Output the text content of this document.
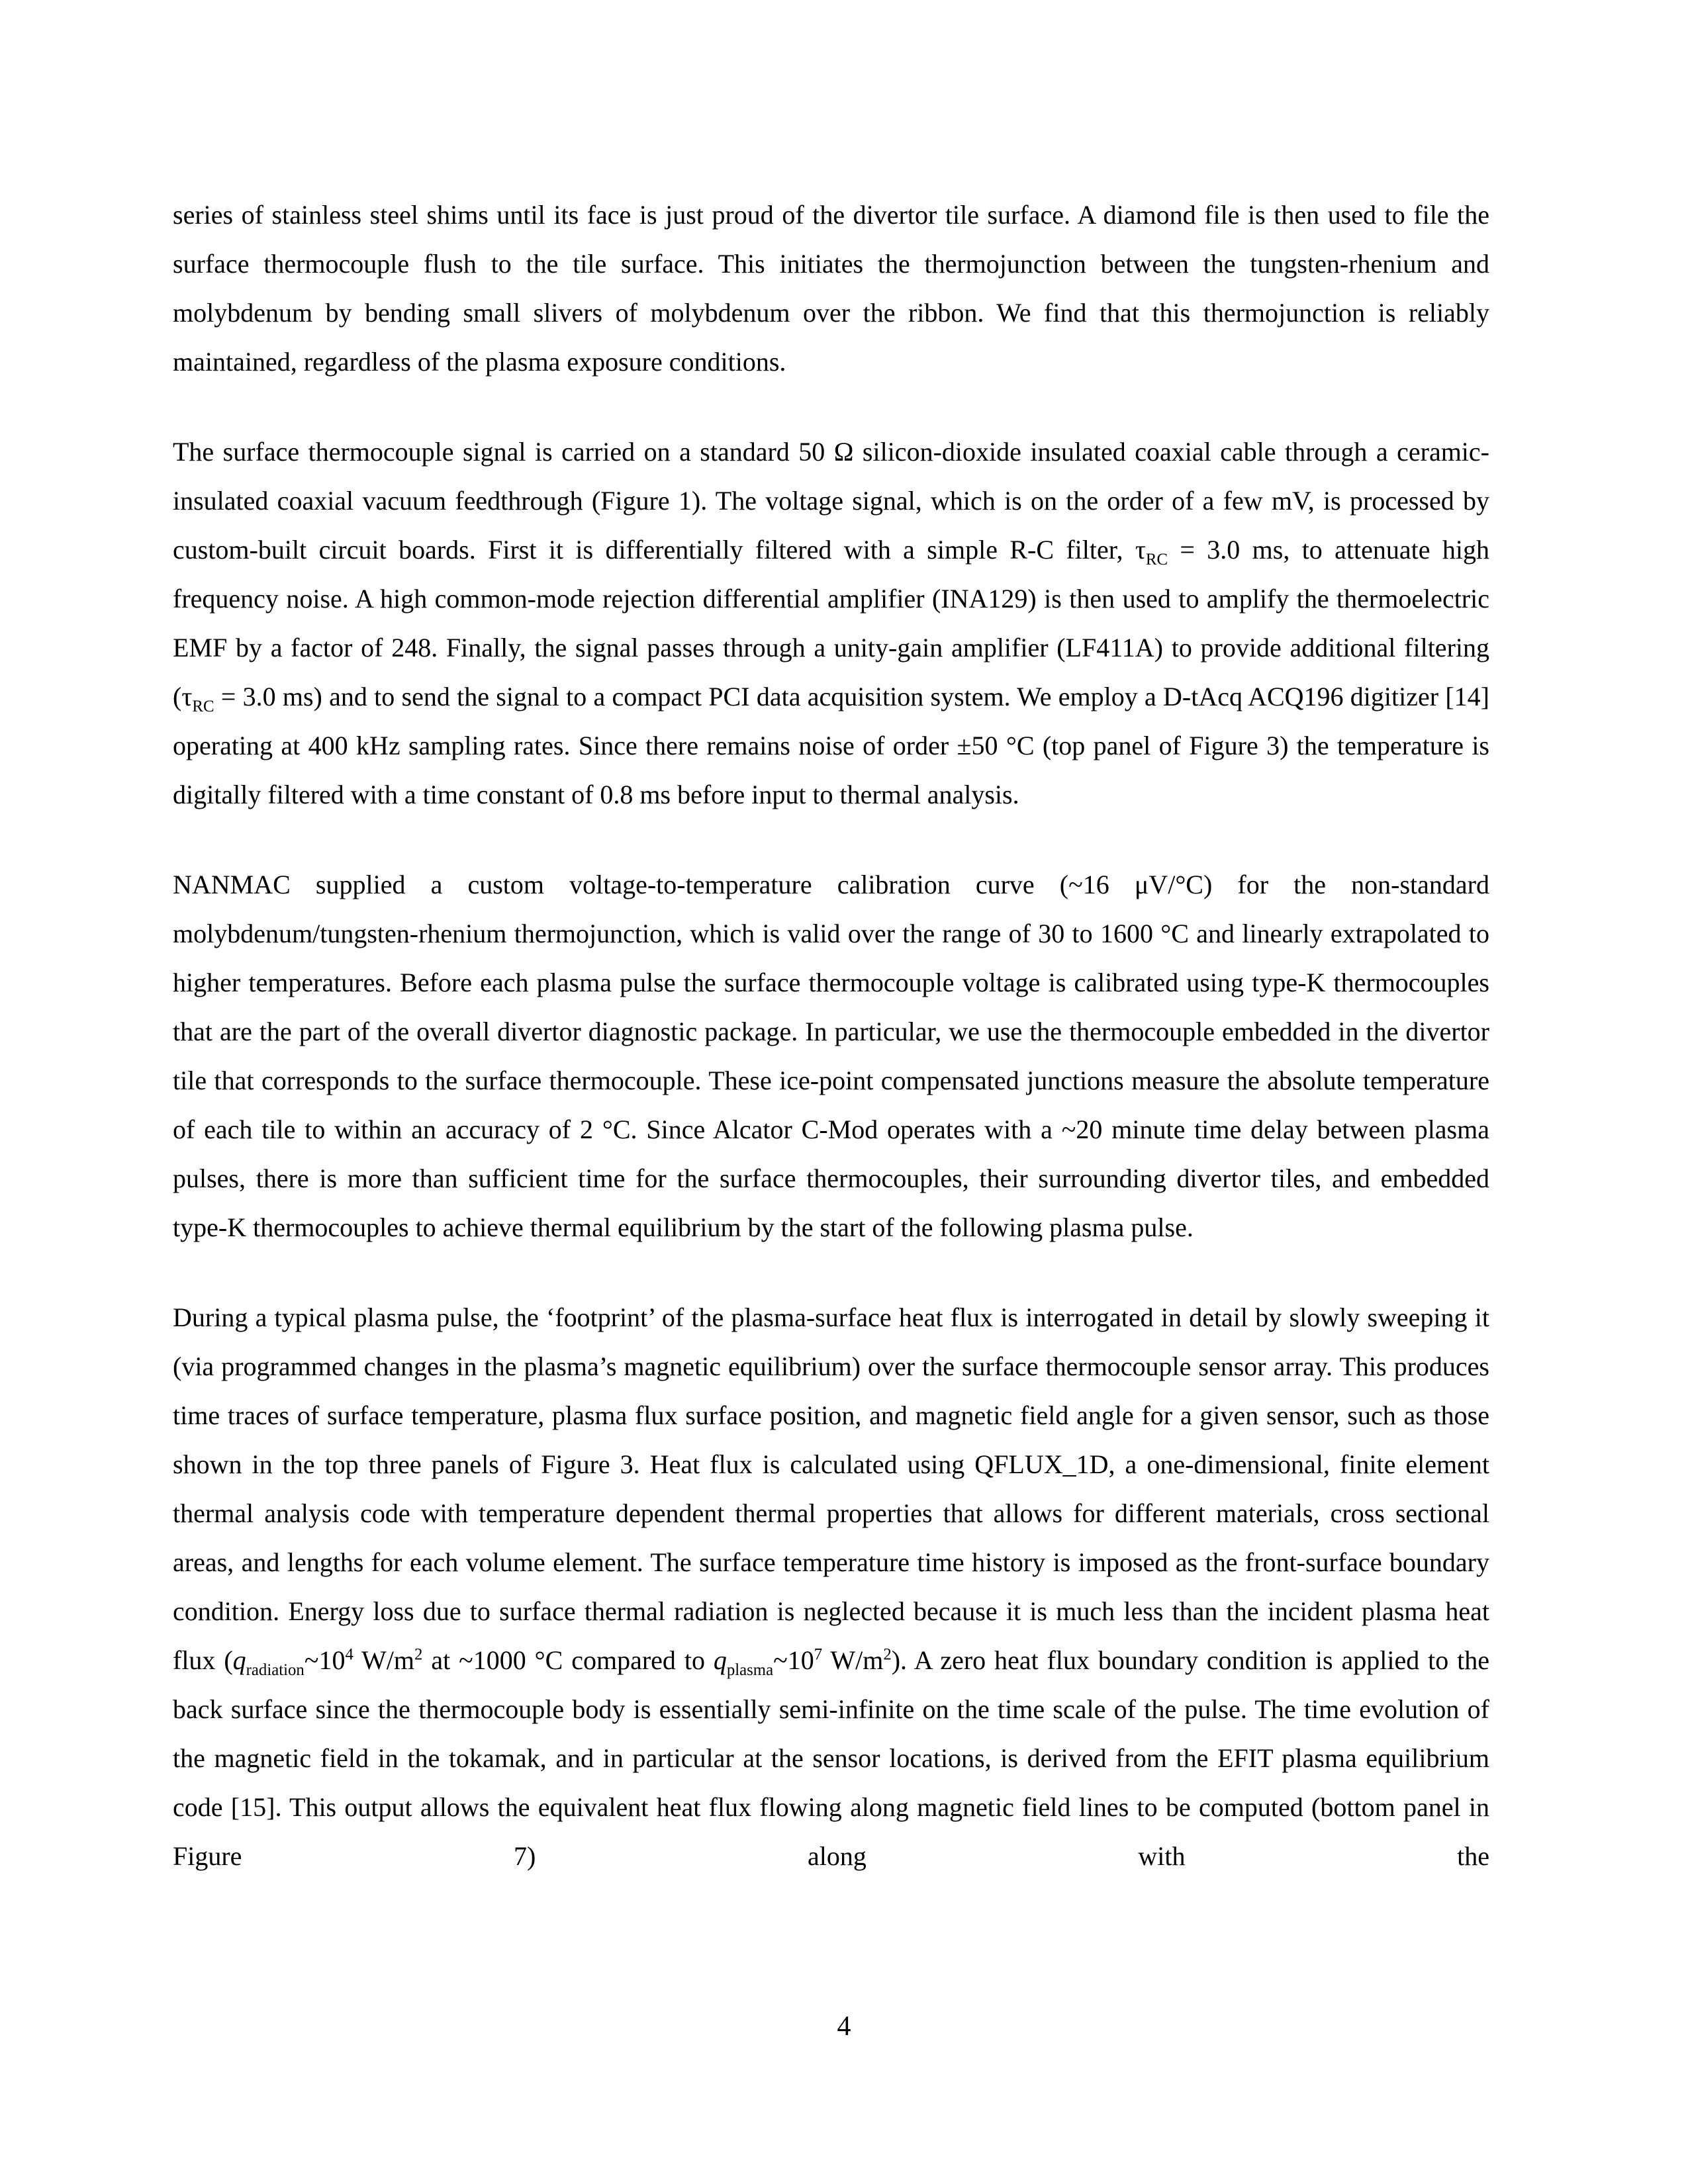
series of stainless steel shims until its face is just proud of the divertor tile surface. A diamond file is then used to file the surface thermocouple flush to the tile surface. This initiates the thermojunction between the tungsten-rhenium and molybdenum by bending small slivers of molybdenum over the ribbon. We find that this thermojunction is reliably maintained, regardless of the plasma exposure conditions.

The surface thermocouple signal is carried on a standard 50 Ω silicon-dioxide insulated coaxial cable through a ceramic-insulated coaxial vacuum feedthrough (Figure 1). The voltage signal, which is on the order of a few mV, is processed by custom-built circuit boards. First it is differentially filtered with a simple R-C filter, $\tau_{RC} = 3.0$ ms, to attenuate high frequency noise. A high common-mode rejection differential amplifier (INA129) is then used to amplify the thermoelectric EMF by a factor of 248. Finally, the signal passes through a unity-gain amplifier (LF411A) to provide additional filtering ($\tau_{RC} = 3.0$ ms) and to send the signal to a compact PCI data acquisition system. We employ a D-tAcq ACQ196 digitizer [14] operating at 400 kHz sampling rates. Since there remains noise of order ±50 °C (top panel of Figure 3) the temperature is digitally filtered with a time constant of 0.8 ms before input to thermal analysis.

NANMAC supplied a custom voltage-to-temperature calibration curve (~16 μV/°C) for the non-standard molybdenum/tungsten-rhenium thermojunction, which is valid over the range of 30 to 1600 °C and linearly extrapolated to higher temperatures. Before each plasma pulse the surface thermocouple voltage is calibrated using type-K thermocouples that are the part of the overall divertor diagnostic package. In particular, we use the thermocouple embedded in the divertor tile that corresponds to the surface thermocouple. These ice-point compensated junctions measure the absolute temperature of each tile to within an accuracy of 2 °C. Since Alcator C-Mod operates with a ~20 minute time delay between plasma pulses, there is more than sufficient time for the surface thermocouples, their surrounding divertor tiles, and embedded type-K thermocouples to achieve thermal equilibrium by the start of the following plasma pulse.

During a typical plasma pulse, the ‘footprint’ of the plasma-surface heat flux is interrogated in detail by slowly sweeping it (via programmed changes in the plasma’s magnetic equilibrium) over the surface thermocouple sensor array. This produces time traces of surface temperature, plasma flux surface position, and magnetic field angle for a given sensor, such as those shown in the top three panels of Figure 3. Heat flux is calculated using QFLUX_1D, a one-dimensional, finite element thermal analysis code with temperature dependent thermal properties that allows for different materials, cross sectional areas, and lengths for each volume element. The surface temperature time history is imposed as the front-surface boundary condition. Energy loss due to surface thermal radiation is neglected because it is much less than the incident plasma heat flux ($q_{radiation}\sim 10^4$ $W/m^2$ at ~1000 °C compared to $q_{plasma}\sim 10^7$ $W/m^2$). A zero heat flux boundary condition is applied to the back surface since the thermocouple body is essentially semi-infinite on the time scale of the pulse. The time evolution of the magnetic field in the tokamak, and in particular at the sensor locations, is derived from the EFIT plasma equilibrium code [15]. This output allows the equivalent heat flux flowing along magnetic field lines to be computed (bottom panel in Figure 7) along with the

4
